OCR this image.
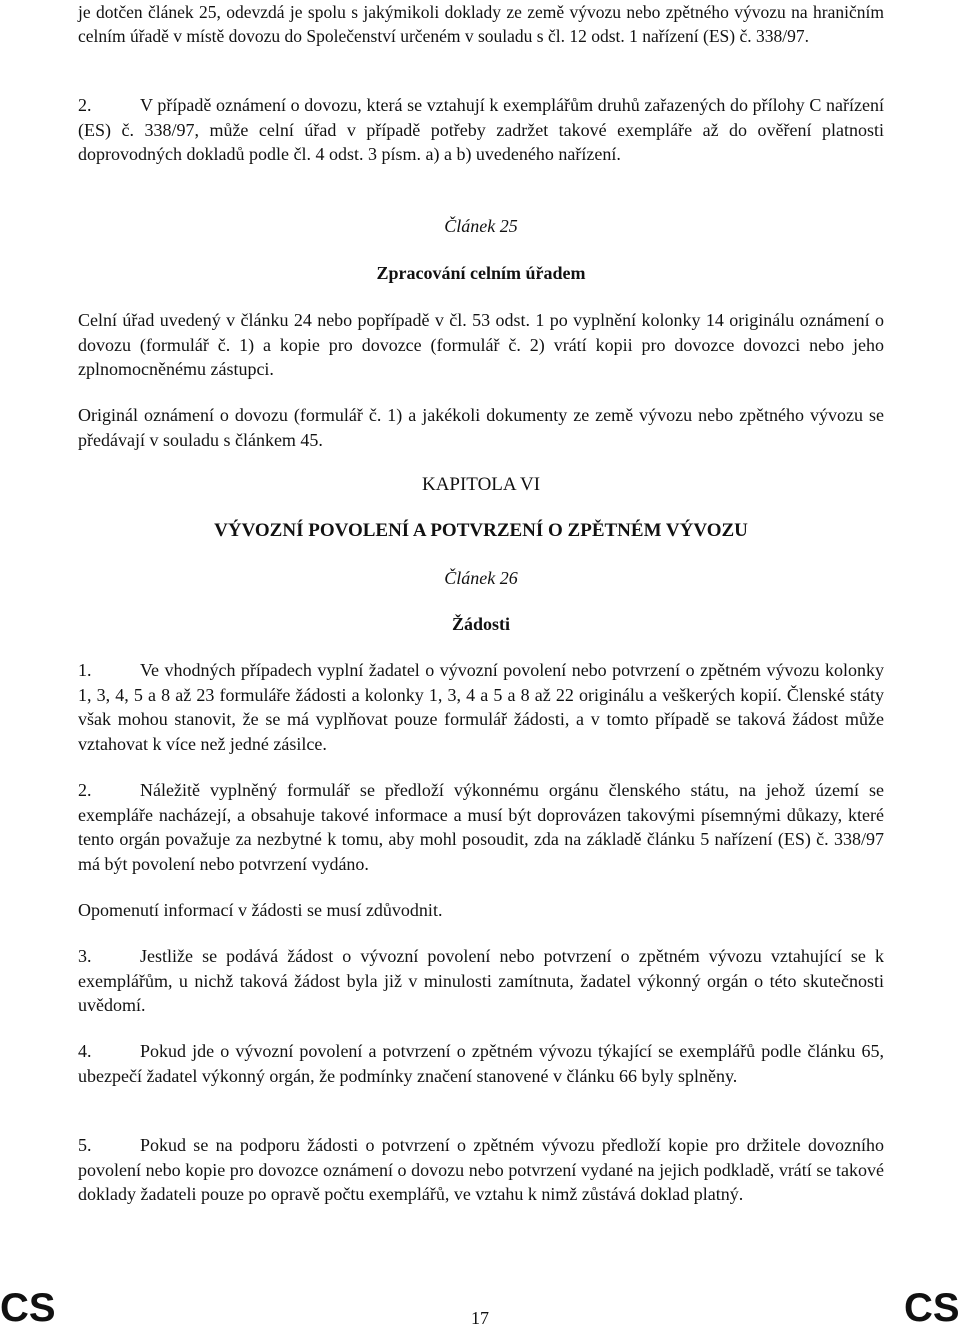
je dotčen článek 25, odevzdá je spolu s jakýmikoli doklady ze země vývozu nebo zpětného vývozu na hraničním celním úřadě v místě dovozu do Společenství určeném v souladu s čl. 12 odst. 1 nařízení (ES) č. 338/97.

2.	V případě oznámení o dovozu, která se vztahují k exemplářům druhů zařazených do přílohy C nařízení (ES) č. 338/97, může celní úřad v případě potřeby zadržet takové exempláře až do ověření platnosti doprovodných dokladů podle čl. 4 odst. 3 písm. a) a b) uvedeného nařízení.

Článek 25

Zpracování celním úřadem

Celní úřad uvedený v článku 24 nebo popřípadě v čl. 53 odst. 1 po vyplnění kolonky 14 originálu oznámení o dovozu (formulář č. 1) a kopie pro dovozce (formulář č. 2) vrátí kopii pro dovozce dovozci nebo jeho zplnomocněnému zástupci.

Originál oznámení o dovozu (formulář č. 1) a jakékoli dokumenty ze země vývozu nebo zpětného vývozu se předávají v souladu s článkem 45.

KAPITOLA VI

VÝVOZNÍ POVOLENÍ A POTVRZENÍ O ZPĚTNÉM VÝVOZU

Článek 26

Žádosti

1.	Ve vhodných případech vyplní žadatel o vývozní povolení nebo potvrzení o zpětném vývozu kolonky 1, 3, 4, 5 a 8 až 23 formuláře žádosti a kolonky 1, 3, 4 a 5 a 8 až 22 originálu a veškerých kopií. Členské státy však mohou stanovit, že se má vyplňovat pouze formulář žádosti, a v tomto případě se taková žádost může vztahovat k více než jedné zásilce.

2.	Náležitě vyplněný formulář se předloží výkonnému orgánu členského státu, na jehož území se exempláře nacházejí, a obsahuje takové informace a musí být doprovázen takovými písemnými důkazy, které tento orgán považuje za nezbytné k tomu, aby mohl posoudit, zda na základě článku 5 nařízení (ES) č. 338/97 má být povolení nebo potvrzení vydáno.

Opomenutí informací v žádosti se musí zdůvodnit.

3.	Jestliže se podává žádost o vývozní povolení nebo potvrzení o zpětném vývozu vztahující se k exemplářům, u nichž taková žádost byla již v minulosti zamítnuta, žadatel výkonný orgán o této skutečnosti uvědomí.

4.	Pokud jde o vývozní povolení a potvrzení o zpětném vývozu týkající se exemplářů podle článku 65, ubezpečí žadatel výkonný orgán, že podmínky značení stanovené v článku 66 byly splněny.

5.	Pokud se na podporu žádosti o potvrzení o zpětném vývozu předloží kopie pro držitele dovozního povolení nebo kopie pro dovozce oznámení o dovozu nebo potvrzení vydané na jejich podkladě, vrátí se takové doklady žadateli pouze po opravě počtu exemplářů, ve vztahu k nimž zůstává doklad platný.

CS	17	CS
